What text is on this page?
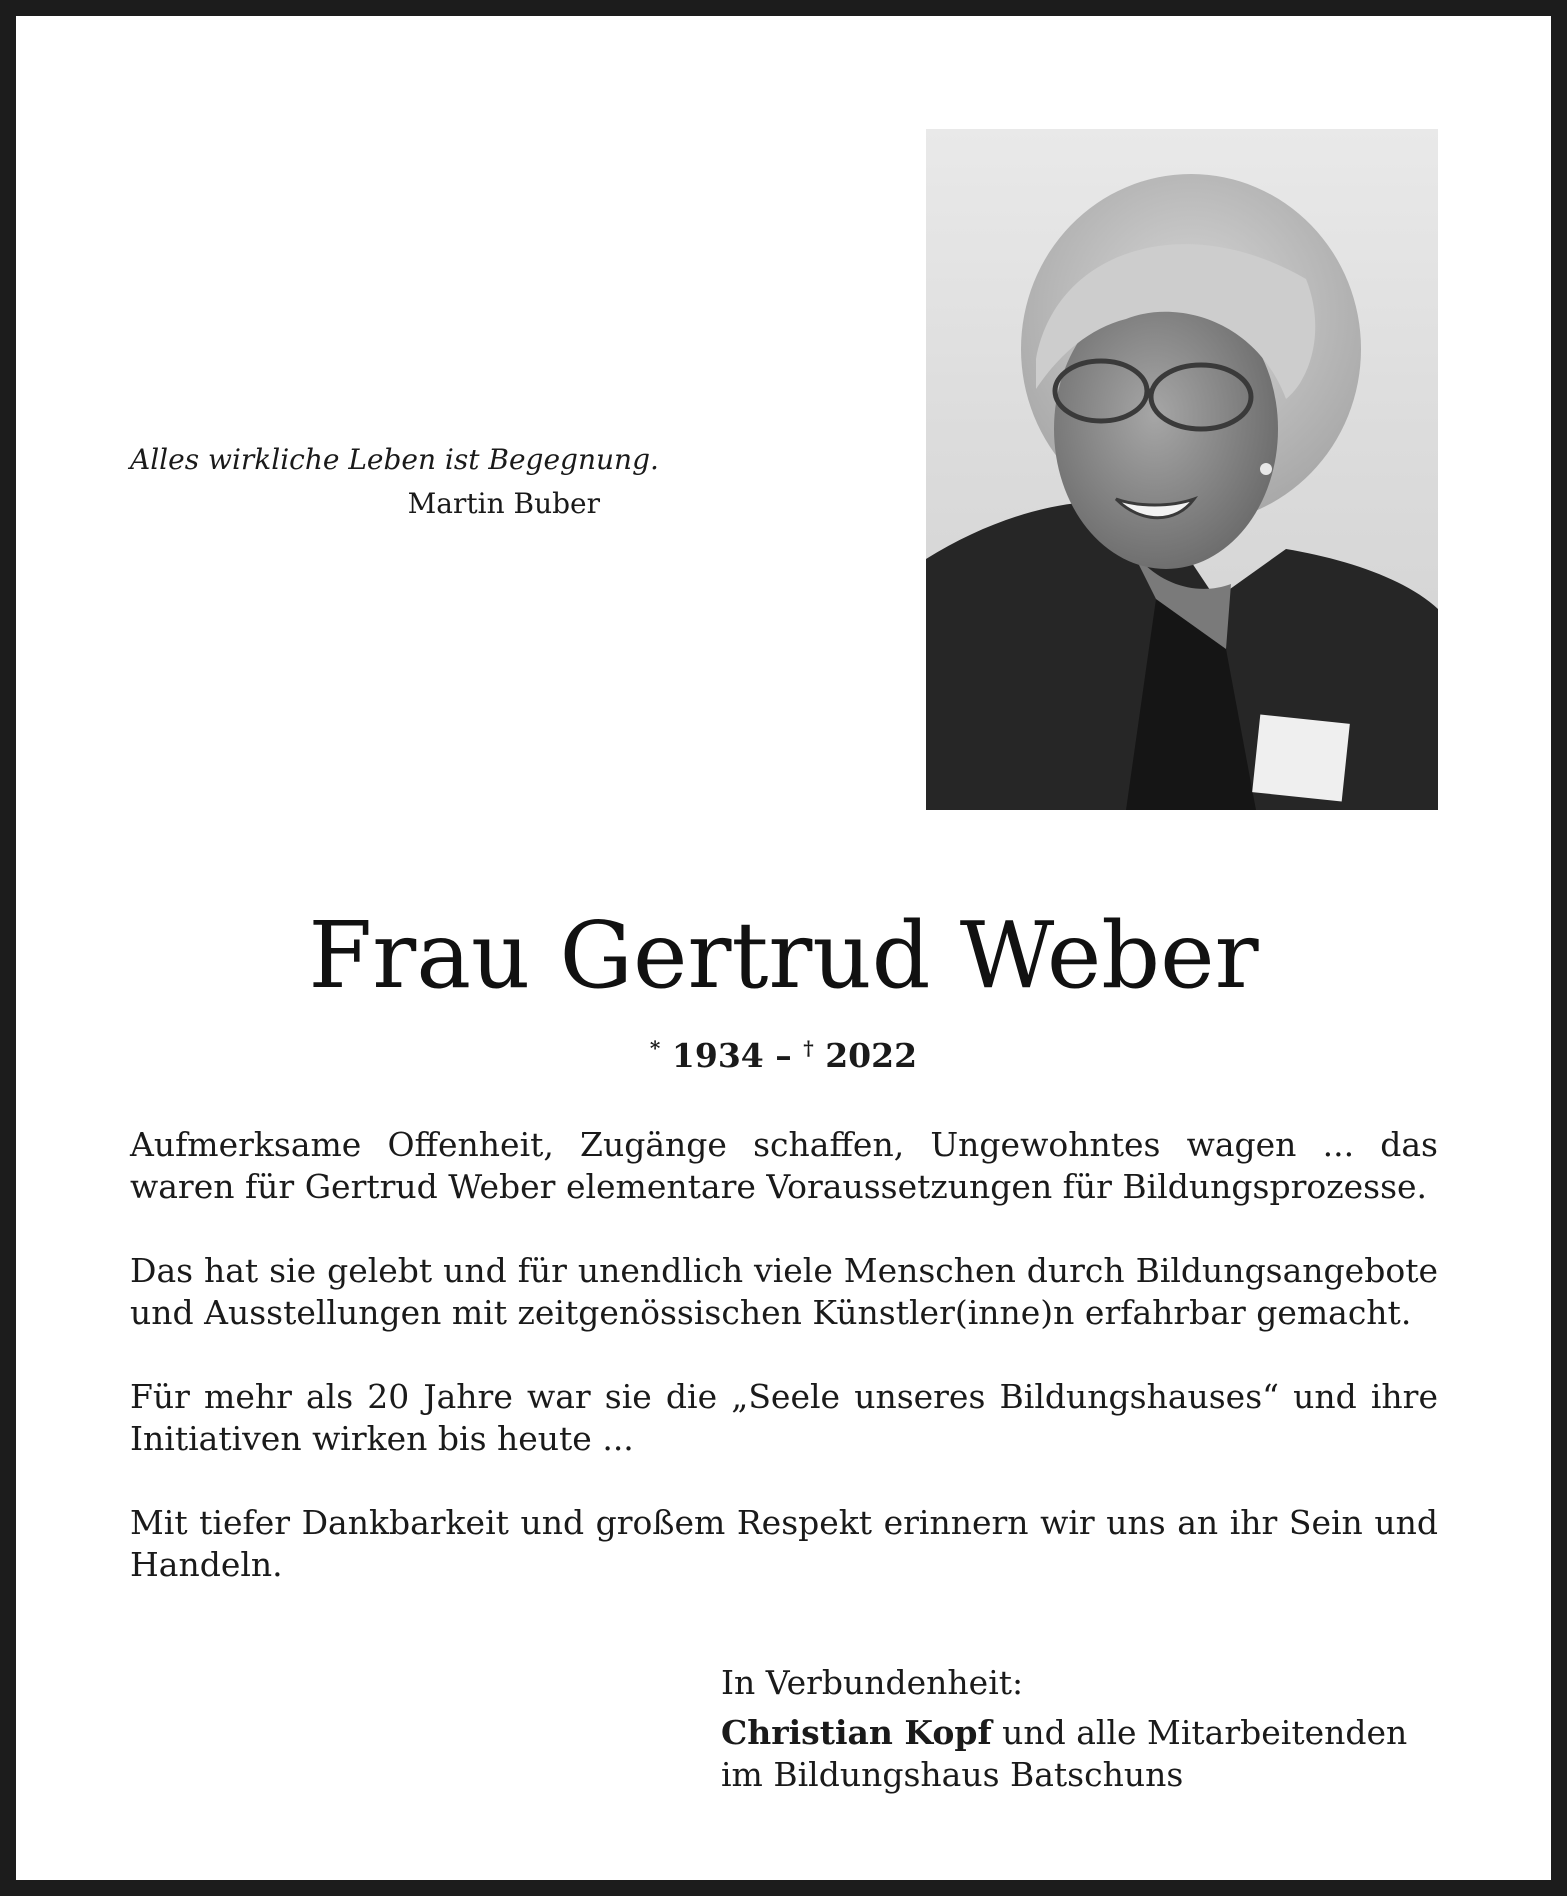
Alles wirkliche Leben ist Begegnung.
Martin Buber
Frau Gertrud Weber
* 1934 – † 2022

Aufmerksame Offenheit, Zugänge schaffen, Ungewohntes wagen ... das waren für Gertrud Weber elementare Voraussetzungen für Bildungsprozesse.

Das hat sie gelebt und für unendlich viele Menschen durch Bildungsangebote und Ausstellungen mit zeitgenössischen Künstler(inne)n erfahrbar gemacht.

Für mehr als 20 Jahre war sie die „Seele unseres Bildungshauses“ und ihre Initiativen wirken bis heute ...

Mit tiefer Dankbarkeit und großem Respekt erinnern wir uns an ihr Sein und Handeln.

In Verbundenheit:
Christian Kopf und alle Mitarbeitenden
im Bildungshaus Batschuns
